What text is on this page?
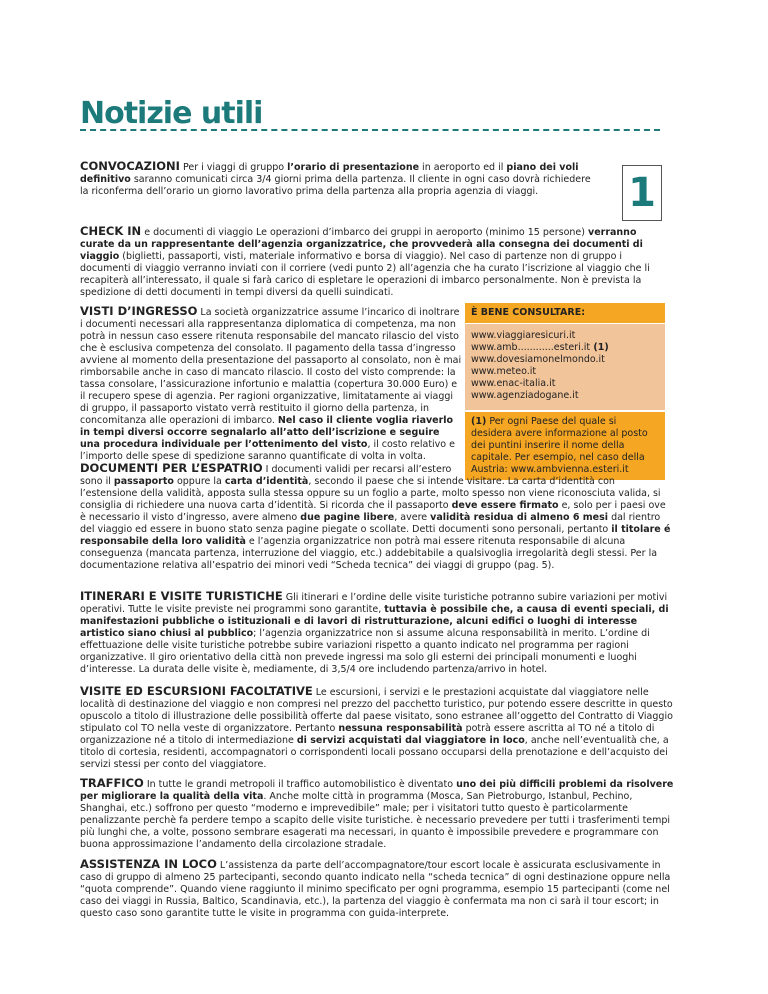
Notizie utili
1

CONVOCAZIONI Per i viaggi di gruppo l’orario di presentazione in aeroporto ed il piano dei voli definitivo saranno comunicati circa 3/4 giorni prima della partenza. Il cliente in ogni caso dovrà richiedere la riconferma dell’orario un giorno lavorativo prima della partenza alla propria agenzia di viaggi.

CHECK IN e documenti di viaggio Le operazioni d’imbarco dei gruppi in aeroporto (minimo 15 persone) verranno curate da un rappresentante dell’agenzia organizzatrice, che provvederà alla consegna dei documenti di viaggio (biglietti, passaporti, visti, materiale informativo e borsa di viaggio). Nel caso di partenze non di gruppo i documenti di viaggio verranno inviati con il corriere (vedi punto 2) all’agenzia che ha curato l’iscrizione al viaggio che li recapiterà all’interessato, il quale si farà carico di espletare le operazioni di imbarco personalmente. Non è prevista la spedizione di detti documenti in tempi diversi da quelli suindicati.

VISTI D’INGRESSO La società organizzatrice assume l’incarico di inoltrare i documenti necessari alla rappresentanza diplomatica di competenza, ma non potrà in nessun caso essere ritenuta responsabile del mancato rilascio del visto che è esclusiva competenza del consolato. Il pagamento della tassa d’ingresso avviene al momento della presentazione del passaporto al consolato, non è mai rimborsabile anche in caso di mancato rilascio. Il costo del visto comprende: la tassa consolare, l’assicurazione infortunio e malattia (copertura 30.000 Euro) e il recupero spese di agenzia. Per ragioni organizzative, limitatamente ai viaggi di gruppo, il passaporto vistato verrà restituito il giorno della partenza, in concomitanza alle operazioni di imbarco. Nel caso il cliente voglia riaverlo in tempi diversi occorre segnalarlo all’atto dell’iscrizione e seguire una procedura individuale per l’ottenimento del visto, il costo relativo e l’importo delle spese di spedizione saranno quantificate di volta in volta.

È BENE CONSULTARE:
www.viaggiaresicuri.it
www.amb............esteri.it (1)
www.dovesiamonelmondo.it
www.meteo.it
www.enac-italia.it
www.agenziadogane.it
(1) Per ogni Paese del quale si desidera avere informazione al posto dei puntini inserire il nome della capitale. Per esempio, nel caso della Austria: www.ambvienna.esteri.it

DOCUMENTI PER L’ESPATRIO I documenti validi per recarsi all’estero

sono il passaporto oppure la carta d’identità, secondo il paese che si intende visitare. La carta d’identità con l’estensione della validità, apposta sulla stessa oppure su un foglio a parte, molto spesso non viene riconosciuta valida, si consiglia di richiedere una nuova carta d’identità. Si ricorda che il passaporto deve essere firmato e, solo per i paesi ove è necessario il visto d’ingresso, avere almeno due pagine libere, avere validità residua di almeno 6 mesi dal rientro del viaggio ed essere in buono stato senza pagine piegate o scollate. Detti documenti sono personali, pertanto il titolare é responsabile della loro validità e l’agenzia organizzatrice non potrà mai essere ritenuta responsabile di alcuna conseguenza (mancata partenza, interruzione del viaggio, etc.) addebitabile a qualsivoglia irregolarità degli stessi. Per la documentazione relativa all’espatrio dei minori vedi “Scheda tecnica” dei viaggi di gruppo (pag. 5).

ITINERARI E VISITE TURISTICHE Gli itinerari e l’ordine delle visite turistiche potranno subire variazioni per motivi operativi. Tutte le visite previste nei programmi sono garantite, tuttavia è possibile che, a causa di eventi speciali, di manifestazioni pubbliche o istituzionali e di lavori di ristrutturazione, alcuni edifici o luoghi di interesse artistico siano chiusi al pubblico; l’agenzia organizzatrice non si assume alcuna responsabilità in merito. L’ordine di effettuazione delle visite turistiche potrebbe subire variazioni rispetto a quanto indicato nel programma per ragioni organizzative. Il giro orientativo della città non prevede ingressi ma solo gli esterni dei principali monumenti e luoghi d’interesse. La durata delle visite è, mediamente, di 3,5/4 ore includendo partenza/arrivo in hotel.

VISITE ED ESCURSIONI FACOLTATIVE Le escursioni, i servizi e le prestazioni acquistate dal viaggiatore nelle località di destinazione del viaggio e non compresi nel prezzo del pacchetto turistico, pur potendo essere descritte in questo opuscolo a titolo di illustrazione delle possibilità offerte dal paese visitato, sono estranee all’oggetto del Contratto di Viaggio stipulato col TO nella veste di organizzatore. Pertanto nessuna responsabilità potrà essere ascritta al TO né a titolo di organizzazione né a titolo di intermediazione di servizi acquistati dal viaggiatore in loco, anche nell’eventualità che, a titolo di cortesia, residenti, accompagnatori o corrispondenti locali possano occuparsi della prenotazione e dell’acquisto dei servizi stessi per conto del viaggiatore.

TRAFFICO In tutte le grandi metropoli il traffico automobilistico è diventato uno dei più difficili problemi da risolvere per migliorare la qualità della vita. Anche molte città in programma (Mosca, San Pietroburgo, Istanbul, Pechino, Shanghai, etc.) soffrono per questo “moderno e imprevedibile” male; per i visitatori tutto questo è particolarmente penalizzante perchè fa perdere tempo a scapito delle visite turistiche. è necessario prevedere per tutti i trasferimenti tempi più lunghi che, a volte, possono sembrare esagerati ma necessari, in quanto è impossibile prevedere e programmare con buona approssimazione l’andamento della circolazione stradale.

ASSISTENZA IN LOCO L’assistenza da parte dell’accompagnatore/tour escort locale è assicurata esclusivamente in caso di gruppo di almeno 25 partecipanti, secondo quanto indicato nella “scheda tecnica” di ogni destinazione oppure nella “quota comprende”. Quando viene raggiunto il minimo specificato per ogni programma, esempio 15 partecipanti (come nel caso dei viaggi in Russia, Baltico, Scandinavia, etc.), la partenza del viaggio è confermata ma non ci sarà il tour escort; in questo caso sono garantite tutte le visite in programma con guida-interprete.
